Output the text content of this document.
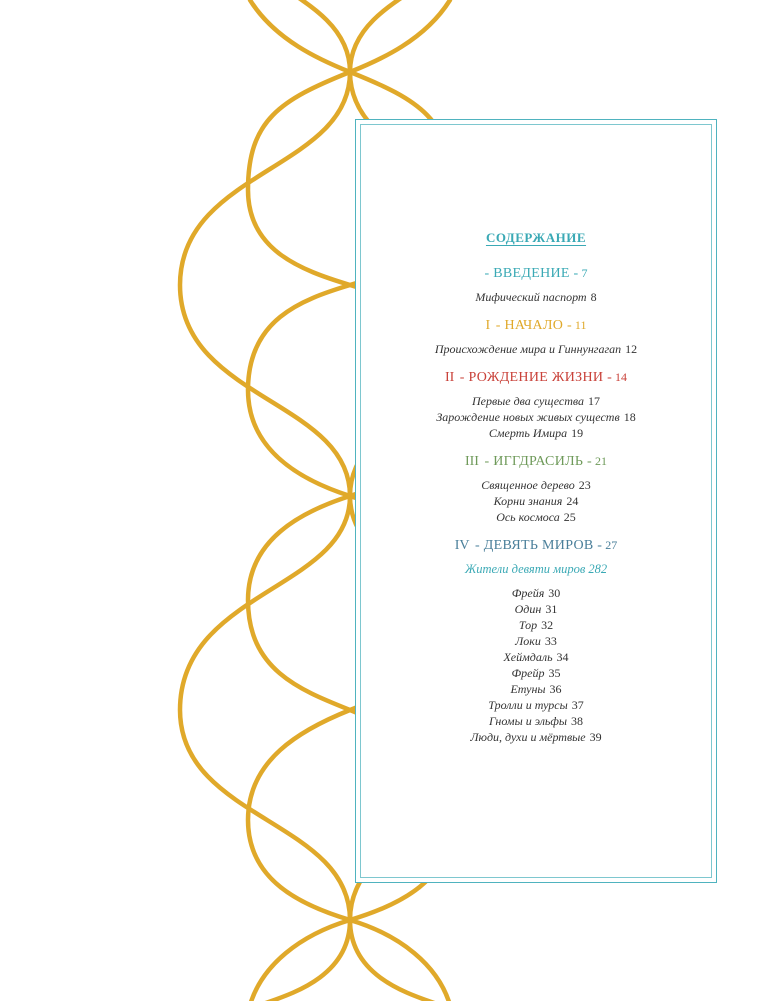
СОДЕРЖАНИЕ
- ВВЕДЕНИЕ - 7
Мифический паспорт 8
I - НАЧАЛО - 11
Происхождение мира и Гиннунгагап 12
II - РОЖДЕНИЕ ЖИЗНИ - 14
Первые два существа 17
Зарождение новых живых существ 18
Смерть Имира 19
III - ИГГДРАСИЛЬ - 21
Священное дерево 23
Корни знания 24
Ось космоса 25
IV - ДЕВЯТЬ МИРОВ - 27
Жители девяти миров 282
Фрейя 30
Один 31
Тор 32
Локи 33
Хеймдаль 34
Фрейр 35
Етуны 36
Тролли и турсы 37
Гномы и эльфы 38
Люди, духи и мёртвые 39
